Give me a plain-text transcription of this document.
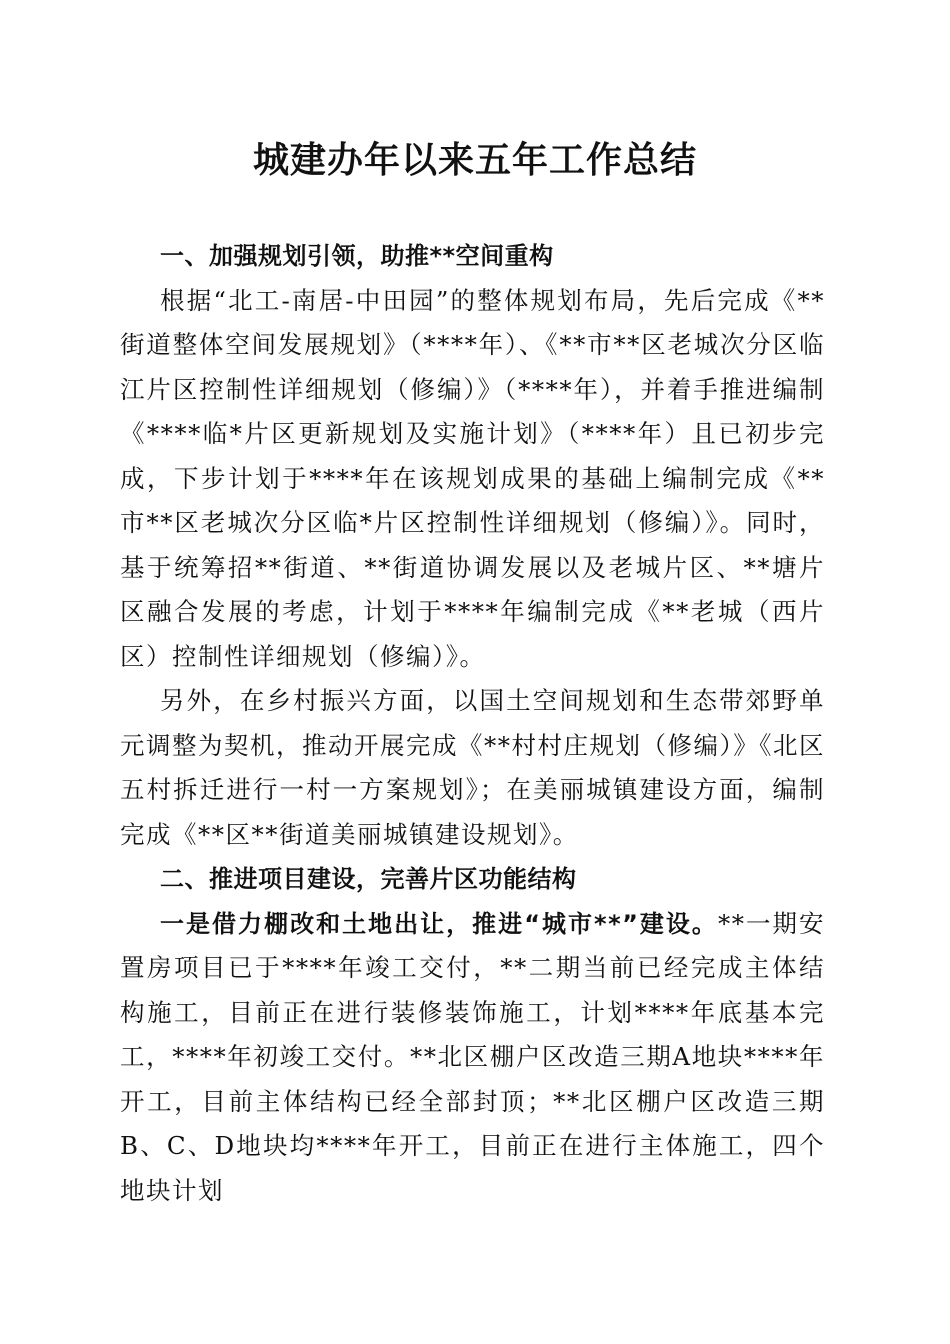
城建办年以来五年工作总结

一、加强规划引领，助推**空间重构

根据“北工-南居-中田园”的整体规划布局，先后完成《**街道整体空间发展规划》（****年）、《**市**区老城次分区临江片区控制性详细规划（修编）》（****年），并着手推进编制《****临*片区更新规划及实施计划》（****年）且已初步完成，下步计划于****年在该规划成果的基础上编制完成《**市**区老城次分区临*片区控制性详细规划（修编）》。同时，基于统筹招**街道、**街道协调发展以及老城片区、**塘片区融合发展的考虑，计划于****年编制完成《**老城（西片区）控制性详细规划（修编）》。

另外，在乡村振兴方面，以国土空间规划和生态带郊野单元调整为契机，推动开展完成《**村村庄规划（修编）》《北区五村拆迁进行一村一方案规划》；在美丽城镇建设方面，编制完成《**区**街道美丽城镇建设规划》。

二、推进项目建设，完善片区功能结构

一是借力棚改和土地出让，推进“城市**”建设。**一期安置房项目已于****年竣工交付，**二期当前已经完成主体结构施工，目前正在进行装修装饰施工，计划****年底基本完工，****年初竣工交付。**北区棚户区改造三期A地块****年开工，目前主体结构已经全部封顶；**北区棚户区改造三期B、C、D地块均****年开工，目前正在进行主体施工，四个地块计划
